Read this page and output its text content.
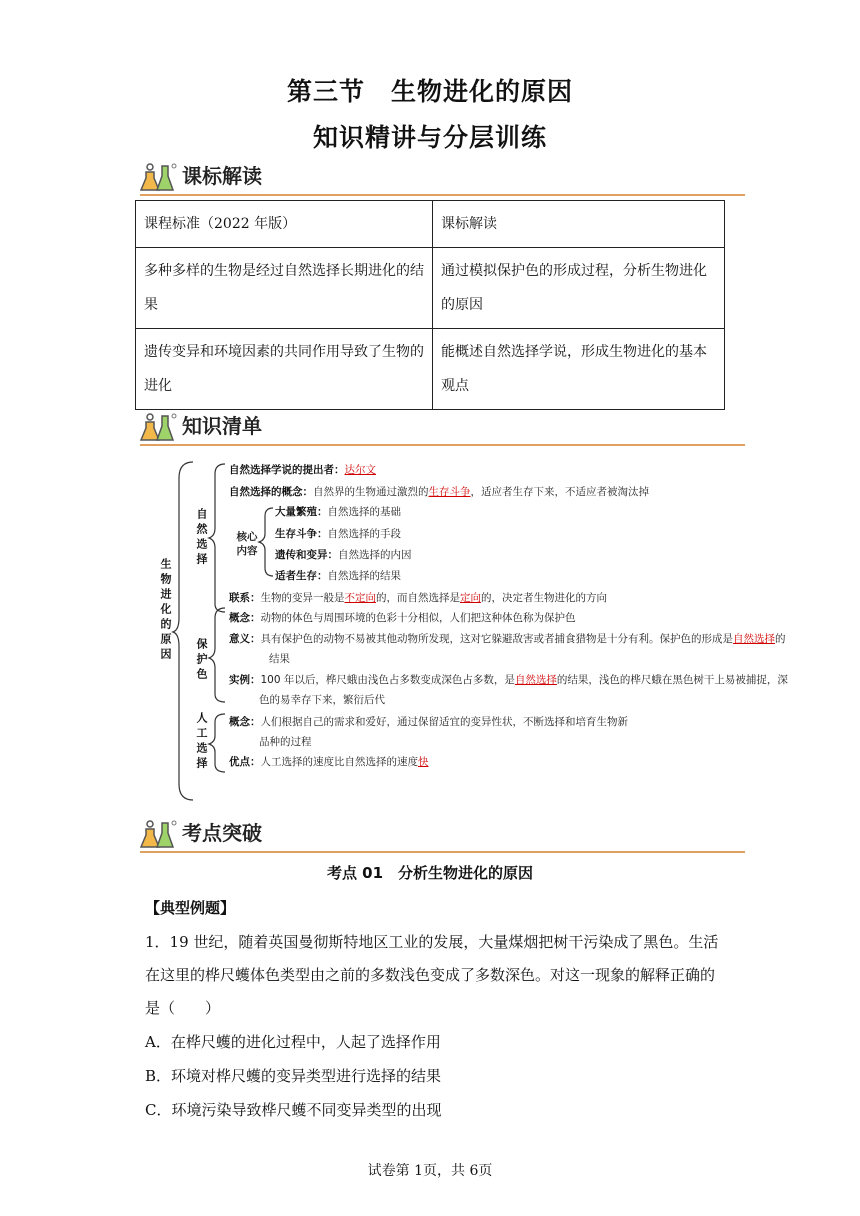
第三节　生物进化的原因
知识精讲与分层训练
课标解读
课程标准（2022 年版）	课标解读
多种多样的生物是经过自然选择长期进化的结果	通过模拟保护色的形成过程，分析生物进化的原因
遗传变异和环境因素的共同作用导致了生物的进化	能概述自然选择学说，形成生物进化的基本观点
知识清单
生物进化的原因
自然选择
保护色
人工选择
核心内容
自然选择学说的提出者：达尔文
自然选择的概念：自然界的生物通过激烈的生存斗争，适应者生存下来，不适应者被淘汰掉
大量繁殖：自然选择的基础
生存斗争：自然选择的手段
遗传和变异：自然选择的内因
适者生存：自然选择的结果
联系：生物的变异一般是不定向的，而自然选择是定向的，决定者生物进化的方向
概念：动物的体色与周围环境的色彩十分相似，人们把这种体色称为保护色
意义：具有保护色的动物不易被其他动物所发现，这对它躲避敌害或者捕食猎物是十分有利。保护色的形成是自然选择的
结果
实例：100 年以后，桦尺蛾由浅色占多数变成深色占多数，是自然选择的结果，浅色的桦尺蛾在黑色树干上易被捕捉，深
色的易幸存下来，繁衍后代
概念：人们根据自己的需求和爱好，通过保留适宜的变异性状，不断选择和培育生物新
品种的过程
优点：人工选择的速度比自然选择的速度快
考点突破
考点 01　分析生物进化的原因
【典型例题】
1．19 世纪，随着英国曼彻斯特地区工业的发展，大量煤烟把树干污染成了黑色。生活
在这里的桦尺蠖体色类型由之前的多数浅色变成了多数深色。对这一现象的解释正确的
是（　　）
A．在桦尺蠖的进化过程中，人起了选择作用
B．环境对桦尺蠖的变异类型进行选择的结果
C．环境污染导致桦尺蠖不同变异类型的出现
试卷第 1页，共 6页
